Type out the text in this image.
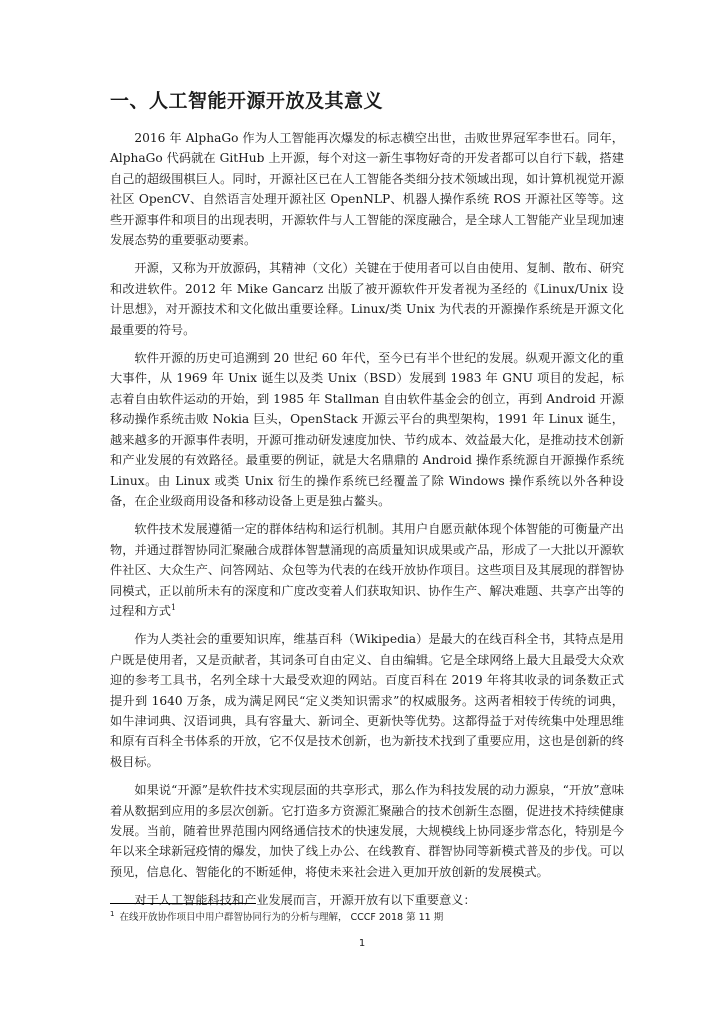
一、人工智能开源开放及其意义

2016 年 AlphaGo 作为人工智能再次爆发的标志横空出世，击败世界冠军李世石。同年，AlphaGo 代码就在 GitHub 上开源，每个对这一新生事物好奇的开发者都可以自行下载，搭建自己的超级围棋巨人。同时，开源社区已在人工智能各类细分技术领域出现，如计算机视觉开源社区 OpenCV、自然语言处理开源社区 OpenNLP、机器人操作系统 ROS 开源社区等等。这些开源事件和项目的出现表明，开源软件与人工智能的深度融合，是全球人工智能产业呈现加速发展态势的重要驱动要素。

开源，又称为开放源码，其精神（文化）关键在于使用者可以自由使用、复制、散布、研究和改进软件。2012 年 Mike Gancarz 出版了被开源软件开发者视为圣经的《Linux/Unix 设计思想》，对开源技术和文化做出重要诠释。Linux/类 Unix 为代表的开源操作系统是开源文化最重要的符号。

软件开源的历史可追溯到 20 世纪 60 年代，至今已有半个世纪的发展。纵观开源文化的重大事件，从 1969 年 Unix 诞生以及类 Unix（BSD）发展到 1983 年 GNU 项目的发起，标志着自由软件运动的开始，到 1985 年 Stallman 自由软件基金会的创立，再到 Android 开源移动操作系统击败 Nokia 巨头，OpenStack 开源云平台的典型架构，1991 年 Linux 诞生，越来越多的开源事件表明，开源可推动研发速度加快、节约成本、效益最大化，是推动技术创新和产业发展的有效路径。最重要的例证，就是大名鼎鼎的 Android 操作系统源自开源操作系统 Linux。由 Linux 或类 Unix 衍生的操作系统已经覆盖了除 Windows 操作系统以外各种设备，在企业级商用设备和移动设备上更是独占鳌头。

软件技术发展遵循一定的群体结构和运行机制。其用户自愿贡献体现个体智能的可衡量产出物，并通过群智协同汇聚融合成群体智慧涌现的高质量知识成果或产品，形成了一大批以开源软件社区、大众生产、问答网站、众包等为代表的在线开放协作项目。这些项目及其展现的群智协同模式，正以前所未有的深度和广度改变着人们获取知识、协作生产、解决难题、共享产出等的过程和方式$^1$

作为人类社会的重要知识库，维基百科（Wikipedia）是最大的在线百科全书，其特点是用户既是使用者，又是贡献者，其词条可自由定义、自由编辑。它是全球网络上最大且最受大众欢迎的参考工具书，名列全球十大最受欢迎的网站。百度百科在 2019 年将其收录的词条数正式提升到 1640 万条，成为满足网民“定义类知识需求”的权威服务。这两者相较于传统的词典，如牛津词典、汉语词典，具有容量大、新词全、更新快等优势。这都得益于对传统集中处理思维和原有百科全书体系的开放，它不仅是技术创新，也为新技术找到了重要应用，这也是创新的终极目标。

如果说“开源”是软件技术实现层面的共享形式，那么作为科技发展的动力源泉，“开放”意味着从数据到应用的多层次创新。它打造多方资源汇聚融合的技术创新生态圈，促进技术持续健康发展。当前，随着世界范围内网络通信技术的快速发展，大规模线上协同逐步常态化，特别是今年以来全球新冠疫情的爆发，加快了线上办公、在线教育、群智协同等新模式普及的步伐。可以预见，信息化、智能化的不断延伸，将使未来社会进入更加开放创新的发展模式。

对于人工智能科技和产业发展而言，开源开放有以下重要意义：

$^1$ 在线开放协作项目中用户群智协同行为的分析与理解， CCCF 2018 第 11 期
1
